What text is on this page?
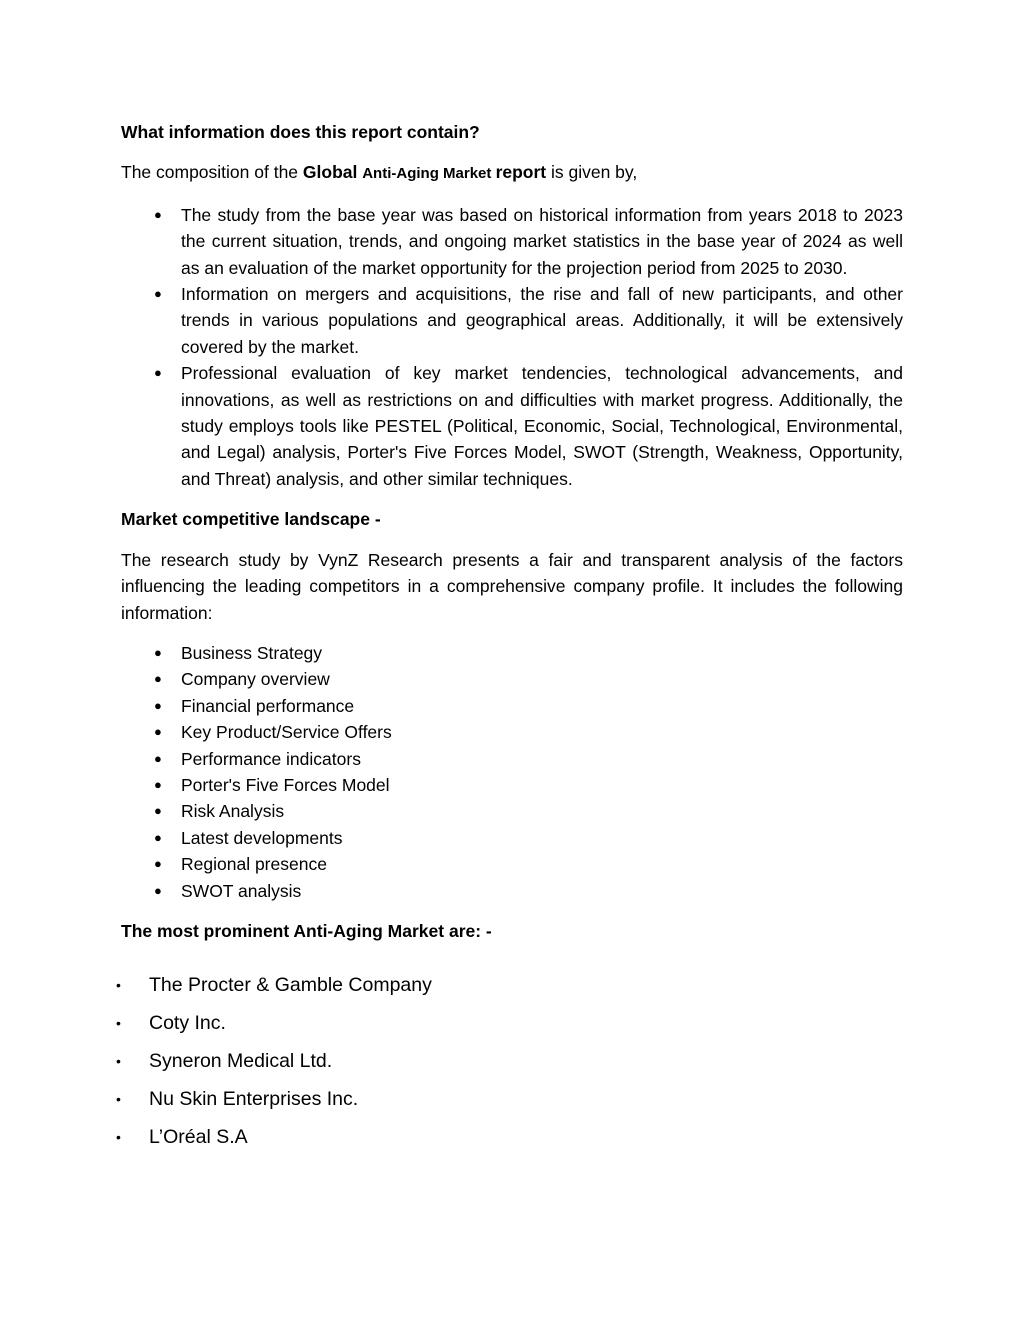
What information does this report contain?

The composition of the Global Anti-Aging Market report is given by,

● The study from the base year was based on historical information from years 2018 to 2023 the current situation, trends, and ongoing market statistics in the base year of 2024 as well as an evaluation of the market opportunity for the projection period from 2025 to 2030.
● Information on mergers and acquisitions, the rise and fall of new participants, and other trends in various populations and geographical areas. Additionally, it will be extensively covered by the market.
● Professional evaluation of key market tendencies, technological advancements, and innovations, as well as restrictions on and difficulties with market progress. Additionally, the study employs tools like PESTEL (Political, Economic, Social, Technological, Environmental, and Legal) analysis, Porter's Five Forces Model, SWOT (Strength, Weakness, Opportunity, and Threat) analysis, and other similar techniques.

Market competitive landscape -

The research study by VynZ Research presents a fair and transparent analysis of the factors influencing the leading competitors in a comprehensive company profile. It includes the following information:

● Business Strategy
● Company overview
● Financial performance
● Key Product/Service Offers
● Performance indicators
● Porter's Five Forces Model
● Risk Analysis
● Latest developments
● Regional presence
● SWOT analysis

The most prominent Anti-Aging Market are: -

• The Procter & Gamble Company
• Coty Inc.
• Syneron Medical Ltd.
• Nu Skin Enterprises Inc.
• L’Oréal S.A
